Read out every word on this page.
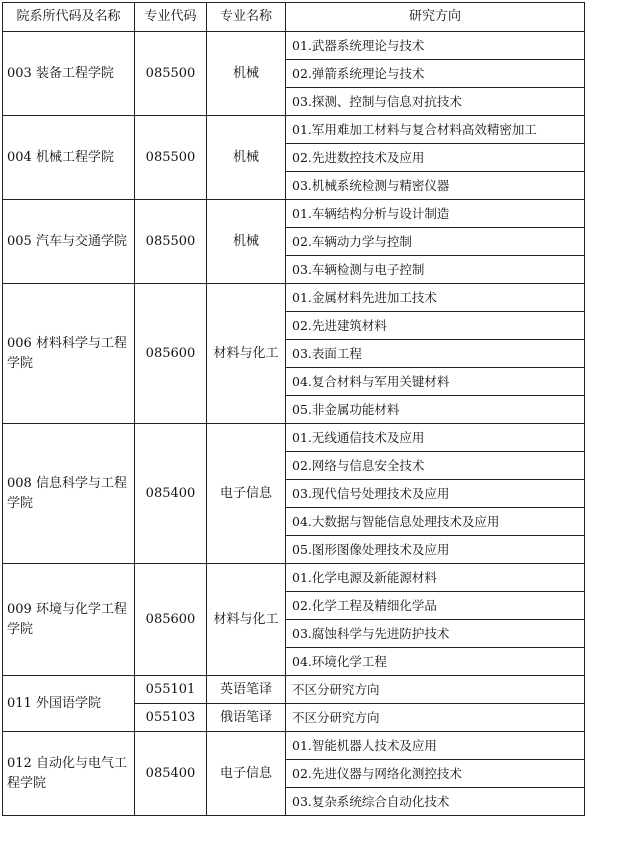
院系所代码及名称	专业代码	专业名称	研究方向
003 装备工程学院	085500	机械	01.武器系统理论与技术
			02.弹箭系统理论与技术
			03.探测、控制与信息对抗技术
004 机械工程学院	085500	机械	01.军用难加工材料与复合材料高效精密加工
			02.先进数控技术及应用
			03.机械系统检测与精密仪器
005 汽车与交通学院	085500	机械	01.车辆结构分析与设计制造
			02.车辆动力学与控制
			03.车辆检测与电子控制
006 材料科学与工程学院	085600	材料与化工	01.金属材料先进加工技术
			02.先进建筑材料
			03.表面工程
			04.复合材料与军用关键材料
			05.非金属功能材料
008 信息科学与工程学院	085400	电子信息	01.无线通信技术及应用
			02.网络与信息安全技术
			03.现代信号处理技术及应用
			04.大数据与智能信息处理技术及应用
			05.图形图像处理技术及应用
009 环境与化学工程学院	085600	材料与化工	01.化学电源及新能源材料
			02.化学工程及精细化学品
			03.腐蚀科学与先进防护技术
			04.环境化学工程
011 外国语学院	055101	英语笔译	不区分研究方向
	055103	俄语笔译	不区分研究方向
012 自动化与电气工程学院	085400	电子信息	01.智能机器人技术及应用
			02.先进仪器与网络化测控技术
			03.复杂系统综合自动化技术
